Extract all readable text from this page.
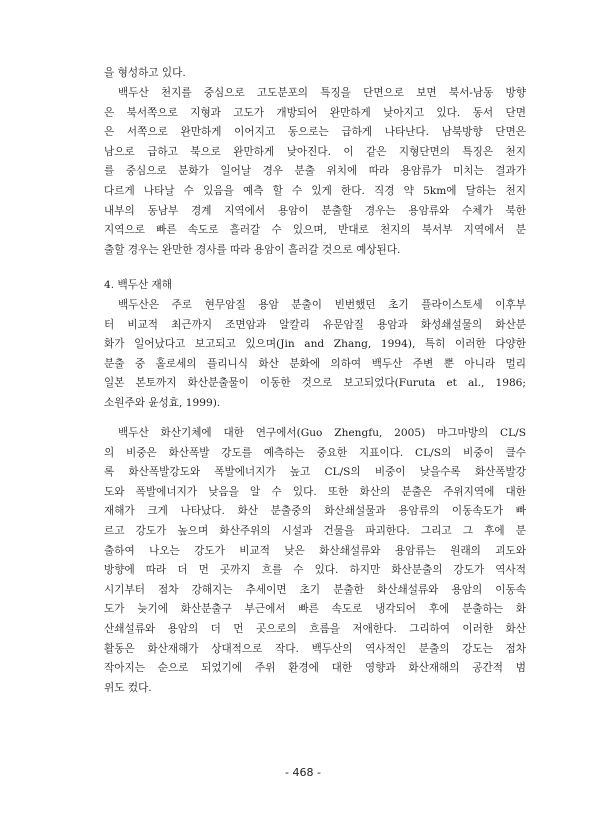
을 형성하고 있다.

백두산 천지를 중심으로 고도분포의 특징을 단면으로 보면 북서-남동 방향

은 북서쪽으로 지형과 고도가 개방되어 완만하게 낮아지고 있다. 동서 단면

은 서쪽으로 완만하게 이어지고 동으로는 급하게 나타난다. 남북방향 단면은

남으로 급하고 북으로 완만하게 낮아진다. 이 같은 지형단면의 특징은 천지

를 중심으로 분화가 일어날 경우 분출 위치에 따라 용암류가 미치는 결과가

다르게 나타날 수 있음을 예측 할 수 있게 한다. 직경 약 5km에 달하는 천지

내부의 동남부 경계 지역에서 용암이 분출할 경우는 용암류와 수체가 북한

지역으로 빠른 속도로 흘러갈 수 있으며, 반대로 천지의 북서부 지역에서 분

출할 경우는 완만한 경사를 따라 용암이 흘러갈 것으로 예상된다.

4. 백두산 재해

백두산은 주로 현무암질 용암 분출이 빈번했던 초기 플라이스토세 이후부

터 비교적 최근까지 조면암과 알칼리 유문암질 용암과 화성쇄설물의 화산분

화가 일어났다고 보고되고 있으며(Jin and Zhang, 1994), 특히 이러한 다양한

분출 중 홀로세의 플리니식 화산 분화에 의하여 백두산 주변 뿐 아니라 멀리

일본 본토까지 화산분출물이 이동한 것으로 보고되었다(Furuta et al., 1986;

소원주와 윤성효, 1999).

백두산 화산기체에 대한 연구에서(Guo Zhengfu, 2005) 마그마방의 CL/S

의 비중은 화산폭발 강도를 예측하는 중요한 지표이다. CL/S의 비중이 클수

록 화산폭발강도와 폭발에너지가 높고 CL/S의 비중이 낮을수록 화산폭발강

도와 폭발에너지가 낮음을 알 수 있다. 또한 화산의 분출은 주위지역에 대한

재해가 크게 나타났다. 화산 분출중의 화산쇄설물과 용암류의 이동속도가 빠

르고 강도가 높으며 화산주위의 시설과 건물을 파괴한다. 그리고 그 후에 분

출하여 나오는 강도가 비교적 낮은 화산쇄설류와 용암류는 원래의 괴도와

방향에 따라 더 먼 곳까지 흐를 수 있다. 하지만 화산분출의 강도가 역사적

시기부터 점차 강해지는 추세이면 초기 분출한 화산쇄설류와 용암의 이동속

도가 늦기에 화산분출구 부근에서 빠른 속도로 냉각되어 후에 분출하는 화

산쇄설류와 용암의 더 먼 곳으로의 흐름을 저애한다. 그리하여 이러한 화산

활동은 화산재해가 상대적으로 작다. 백두산의 역사적인 분출의 강도는 점차

작아지는 순으로 되었기에 주위 환경에 대한 영향과 화산재해의 공간적 범

위도 컸다.

- 468 -
